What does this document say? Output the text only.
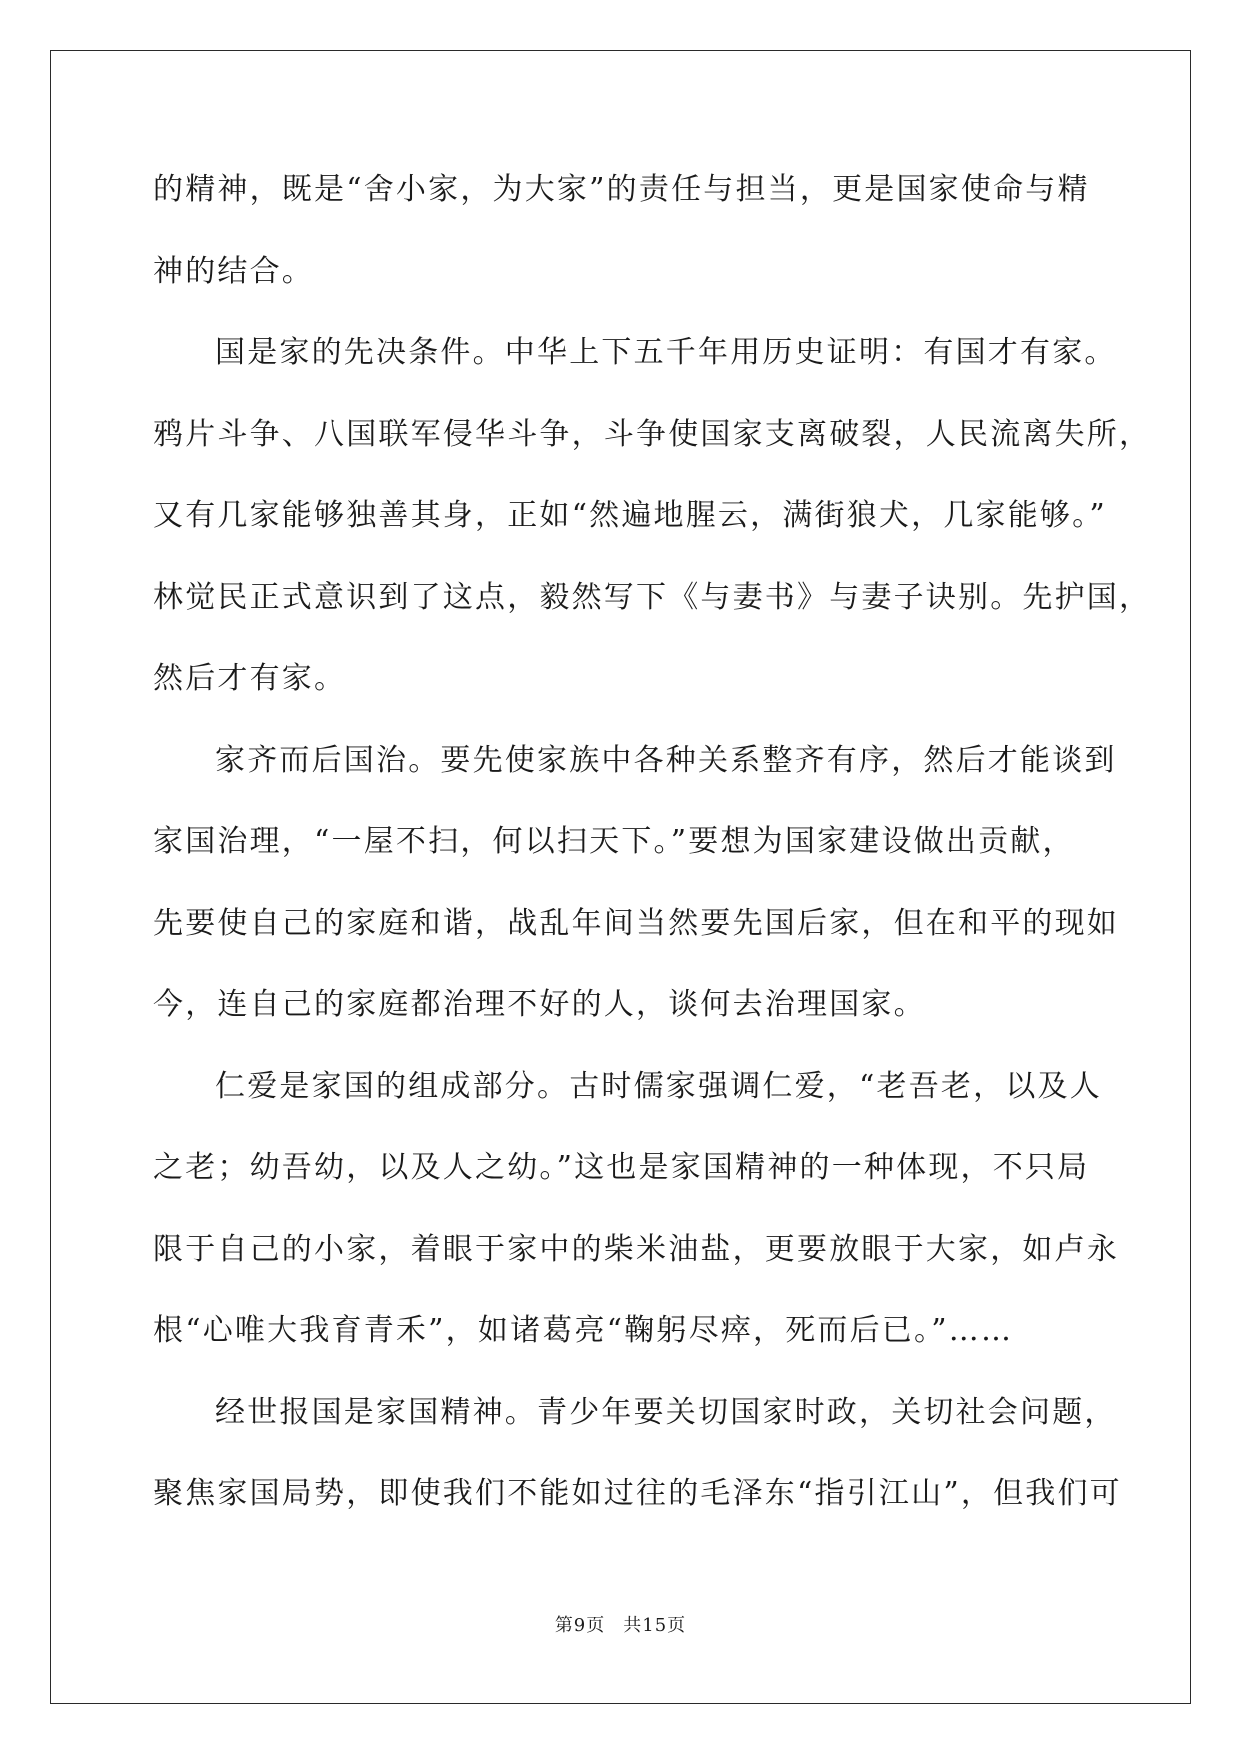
的精神，既是“舍小家，为大家”的责任与担当，更是国家使命与精
神的结合。
国是家的先决条件。中华上下五千年用历史证明：有国才有家。
鸦片斗争、八国联军侵华斗争，斗争使国家支离破裂，人民流离失所，
又有几家能够独善其身，正如“然遍地腥云，满街狼犬，几家能够。”
林觉民正式意识到了这点，毅然写下《与妻书》与妻子诀别。先护国，
然后才有家。
家齐而后国治。要先使家族中各种关系整齐有序，然后才能谈到
家国治理，“一屋不扫，何以扫天下。”要想为国家建设做出贡献，
先要使自己的家庭和谐，战乱年间当然要先国后家，但在和平的现如
今，连自己的家庭都治理不好的人，谈何去治理国家。
仁爱是家国的组成部分。古时儒家强调仁爱，“老吾老，以及人
之老；幼吾幼，以及人之幼。”这也是家国精神的一种体现，不只局
限于自己的小家，着眼于家中的柴米油盐，更要放眼于大家，如卢永
根“心唯大我育青禾”，如诸葛亮“鞠躬尽瘁，死而后已。”……
经世报国是家国精神。青少年要关切国家时政，关切社会问题，
聚焦家国局势，即使我们不能如过往的毛泽东“指引江山”，但我们可
第9页 共15页
